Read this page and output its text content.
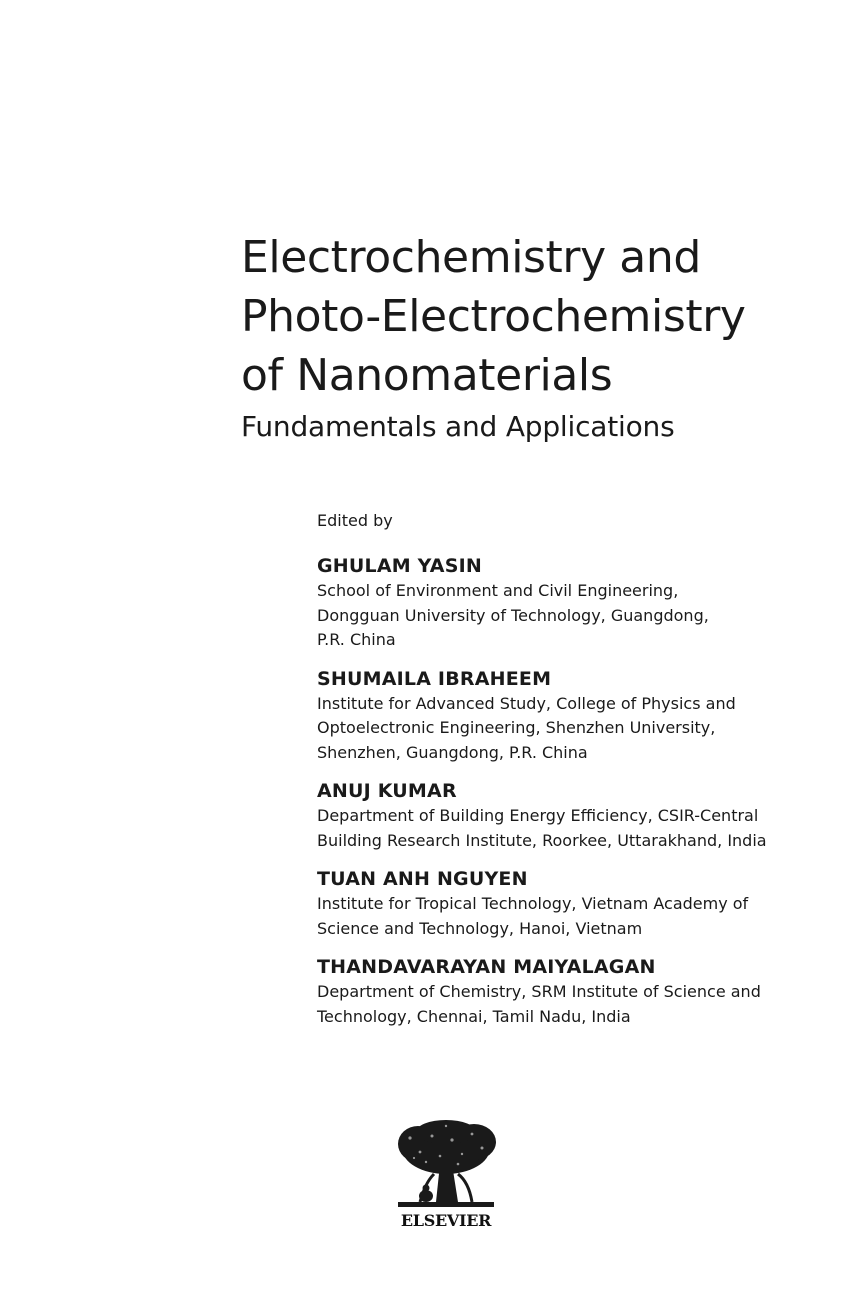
Electrochemistry and
Photo-Electrochemistry
of Nanomaterials
Fundamentals and Applications
Edited by
GHULAM YASIN
School of Environment and Civil Engineering,
Dongguan University of Technology, Guangdong,
P.R. China
SHUMAILA IBRAHEEM
Institute for Advanced Study, College of Physics and
Optoelectronic Engineering, Shenzhen University,
Shenzhen, Guangdong, P.R. China
ANUJ KUMAR
Department of Building Energy Efficiency, CSIR-Central
Building Research Institute, Roorkee, Uttarakhand, India
TUAN ANH NGUYEN
Institute for Tropical Technology, Vietnam Academy of
Science and Technology, Hanoi, Vietnam
THANDAVARAYAN MAIYALAGAN
Department of Chemistry, SRM Institute of Science and
Technology, Chennai, Tamil Nadu, India
ELSEVIER
